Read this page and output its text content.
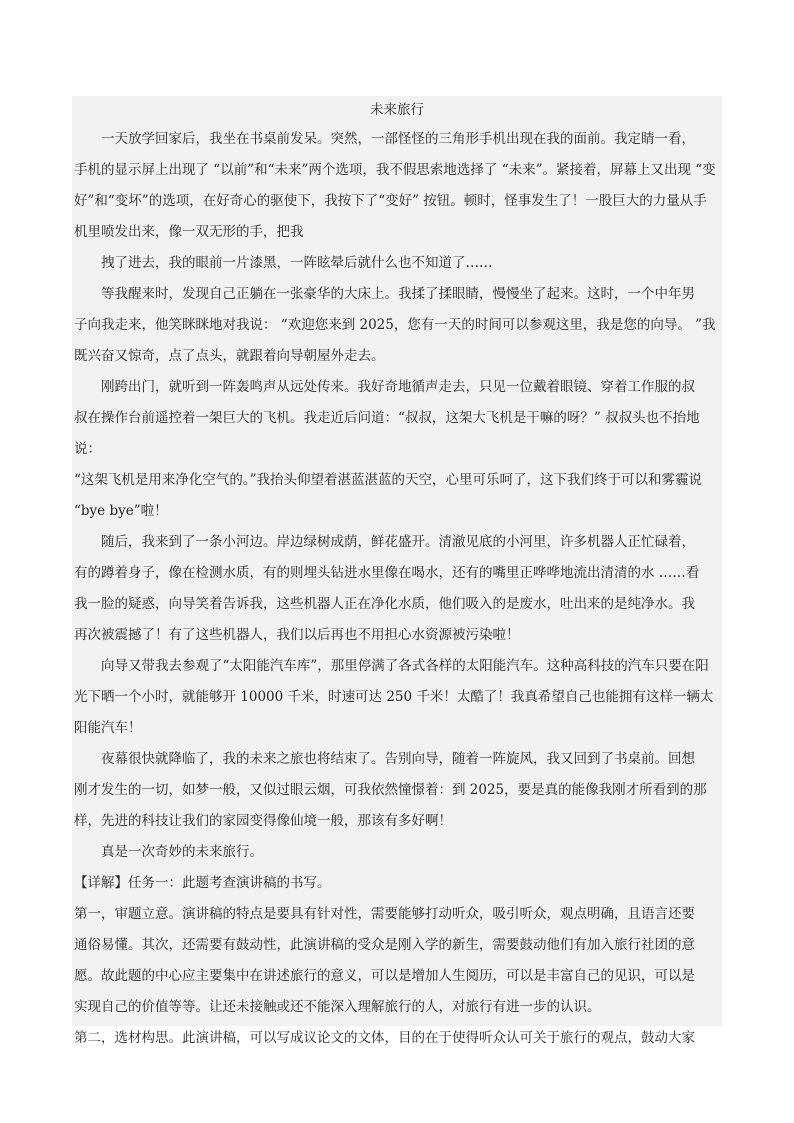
未来旅行

一天放学回家后，我坐在书桌前发呆。突然，一部怪怪的三角形手机出现在我的面前。我定睛一看，

手机的显示屏上出现了 “以前”和“未来”两个选项，我不假思索地选择了 “未来”。紧接着，屏幕上又出现 “变

好”和“变坏”的选项，在好奇心的驱使下，我按下了“变好” 按钮。顿时，怪事发生了！一股巨大的力量从手

机里喷发出来，像一双无形的手，把我

拽了进去，我的眼前一片漆黑，一阵眩晕后就什么也不知道了……

等我醒来时，发现自己正躺在一张豪华的大床上。我揉了揉眼睛，慢慢坐了起来。这时，一个中年男

子向我走来，他笑眯眯地对我说： “欢迎您来到 2025，您有一天的时间可以参观这里，我是您的向导。 ”我

既兴奋又惊奇，点了点头，就跟着向导朝屋外走去。

刚跨出门，就听到一阵轰鸣声从远处传来。我好奇地循声走去，只见一位戴着眼镜、穿着工作服的叔

叔在操作台前遥控着一架巨大的飞机。我走近后问道：“叔叔，这架大飞机是干嘛的呀？” 叔叔头也不抬地说：

“这架飞机是用来净化空气的。”我抬头仰望着湛蓝湛蓝的天空，心里可乐呵了，这下我们终于可以和雾霾说

“bye bye”啦！

随后，我来到了一条小河边。岸边绿树成荫，鲜花盛开。清澈见底的小河里，许多机器人正忙碌着，

有的蹲着身子，像在检测水质，有的则埋头钻进水里像在喝水，还有的嘴里正哗哗地流出清清的水 ……看

我一脸的疑惑，向导笑着告诉我，这些机器人正在净化水质，他们吸入的是废水，吐出来的是纯净水。我

再次被震撼了！有了这些机器人，我们以后再也不用担心水资源被污染啦！

向导又带我去参观了“太阳能汽车库”，那里停满了各式各样的太阳能汽车。这种高科技的汽车只要在阳

光下晒一个小时，就能够开 10000 千米，时速可达 250 千米！太酷了！我真希望自己也能拥有这样一辆太

阳能汽车！

夜幕很快就降临了，我的未来之旅也将结束了。告别向导，随着一阵旋风，我又回到了书桌前。回想

刚才发生的一切，如梦一般，又似过眼云烟，可我依然憧憬着：到 2025，要是真的能像我刚才所看到的那

样，先进的科技让我们的家园变得像仙境一般，那该有多好啊！

真是一次奇妙的未来旅行。

【详解】任务一：此题考查演讲稿的书写。

第一，审题立意。演讲稿的特点是要具有针对性，需要能够打动听众，吸引听众，观点明确，且语言还要

通俗易懂。其次，还需要有鼓动性，此演讲稿的受众是刚入学的新生，需要鼓动他们有加入旅行社团的意

愿。故此题的中心应主要集中在讲述旅行的意义，可以是增加人生阅历，可以是丰富自己的见识，可以是

实现自己的价值等等。让还未接触或还不能深入理解旅行的人，对旅行有进一步的认识。

第二，选材构思。此演讲稿，可以写成议论文的文体，目的在于使得听众认可关于旅行的观点，鼓动大家
